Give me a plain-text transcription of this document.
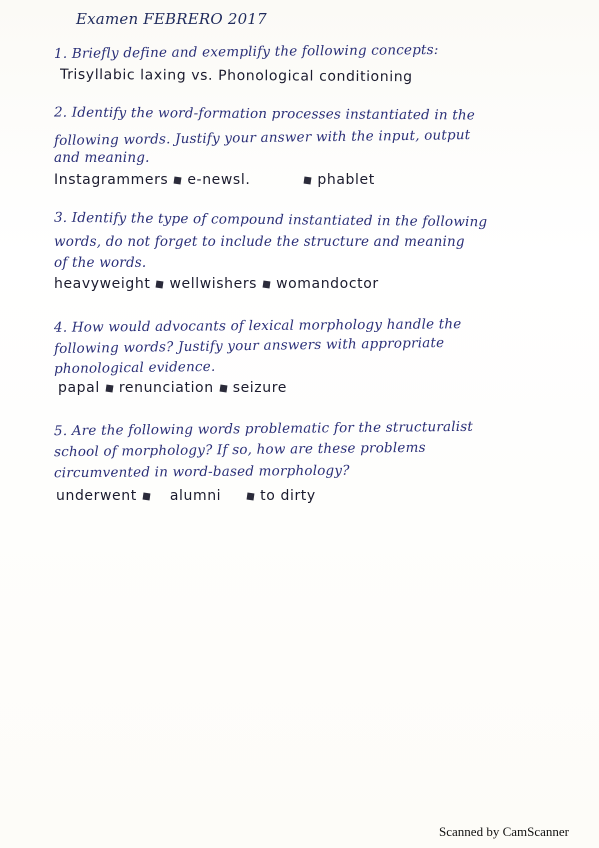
Examen FEBRERO 2017
1. Briefly define and exemplify the following concepts:
Trisyllabic laxing vs. Phonological conditioning
2. Identify the word-formation processes instantiated in the
following words. Justify your answer with the input, output
and meaning.
Instagrammers e-newsl.	phablet
3. Identify the type of compound instantiated in the following
words, do not forget to include the structure and meaning
of the words.
heavyweight wellwishers womandoctor
4. How would advocants of lexical morphology handle the
following words? Justify your answers with appropriate
phonological evidence.
papal renunciation seizure
5. Are the following words problematic for the structuralist
school of morphology? If so, how are these problems
circumvented in word-based morphology?
underwent alumni	to dirty
Scanned by CamScanner
